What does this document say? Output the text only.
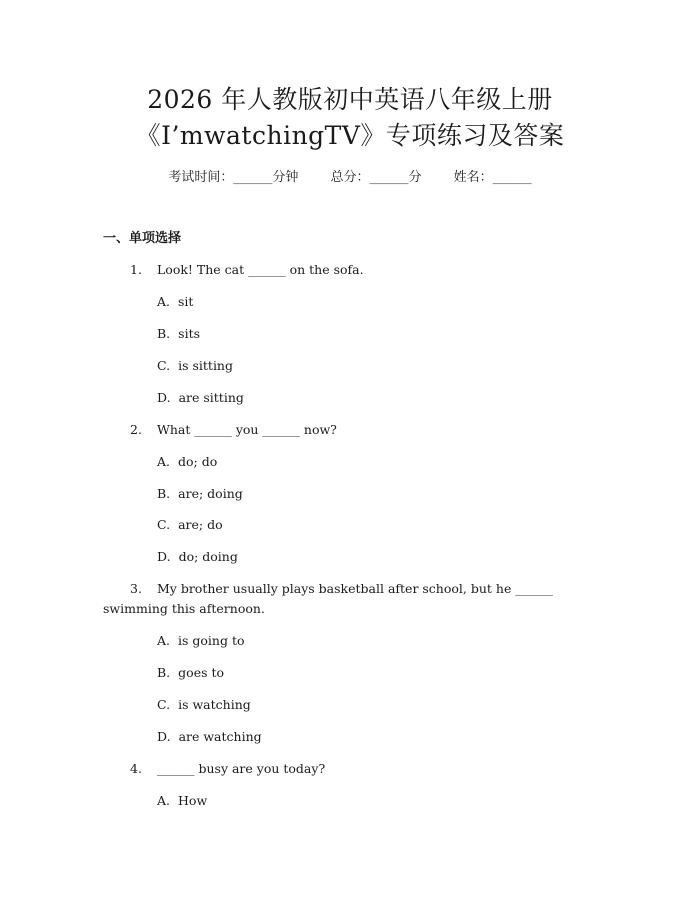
2026 年人教版初中英语八年级上册
《I’mwatchingTV》专项练习及答案
考试时间：______分钟 总分：______分 姓名：______
一、单项选择
1. Look! The cat ______ on the sofa.
A. sit
B. sits
C. is sitting
D. are sitting
2. What ______ you ______ now?
A. do; do
B. are; doing
C. are; do
D. do; doing
3. My brother usually plays basketball after school, but he ______ swimming this afternoon.
A. is going to
B. goes to
C. is watching
D. are watching
4. ______ busy are you today?
A. How
